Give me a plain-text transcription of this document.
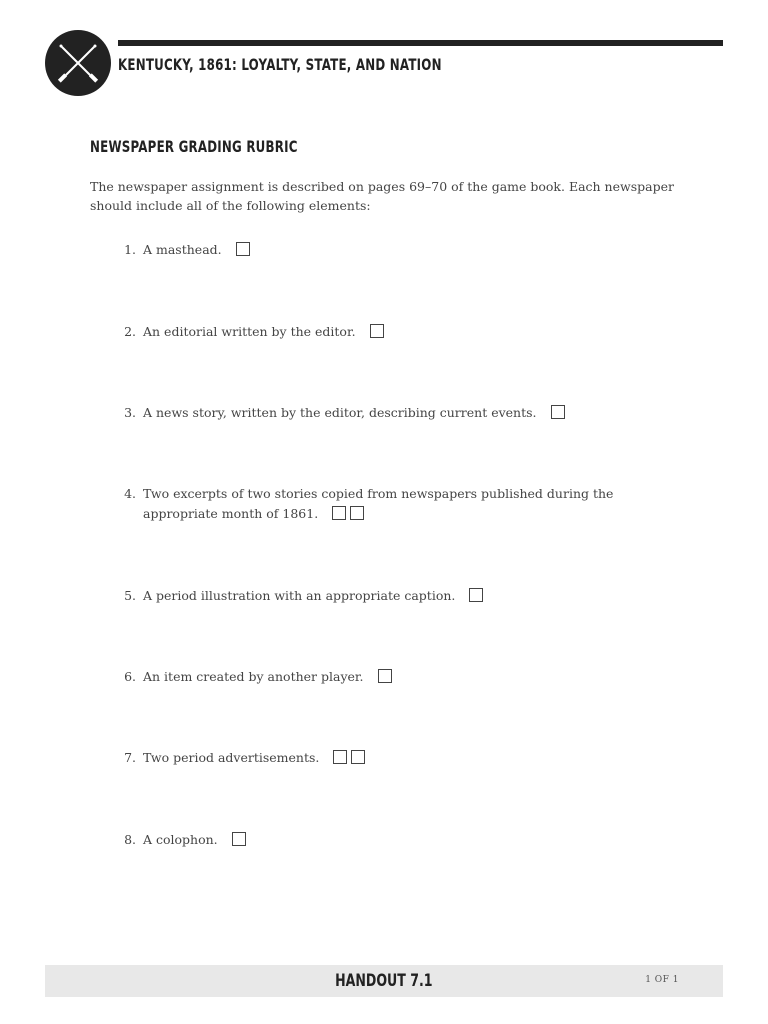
KENTUCKY, 1861: LOYALTY, STATE, AND NATION
NEWSPAPER GRADING RUBRIC

The newspaper assignment is described on pages 69–70 of the game book. Each newspaper should include all of the following elements:

1. A masthead.
2. An editorial written by the editor.
3. A news story, written by the editor, describing current events.
4. Two excerpts of two stories copied from newspapers published during the appropriate month of 1861.
5. A period illustration with an appropriate caption.
6. An item created by another player.
7. Two period advertisements.
8. A colophon.
HANDOUT 7.1	1 OF 1
